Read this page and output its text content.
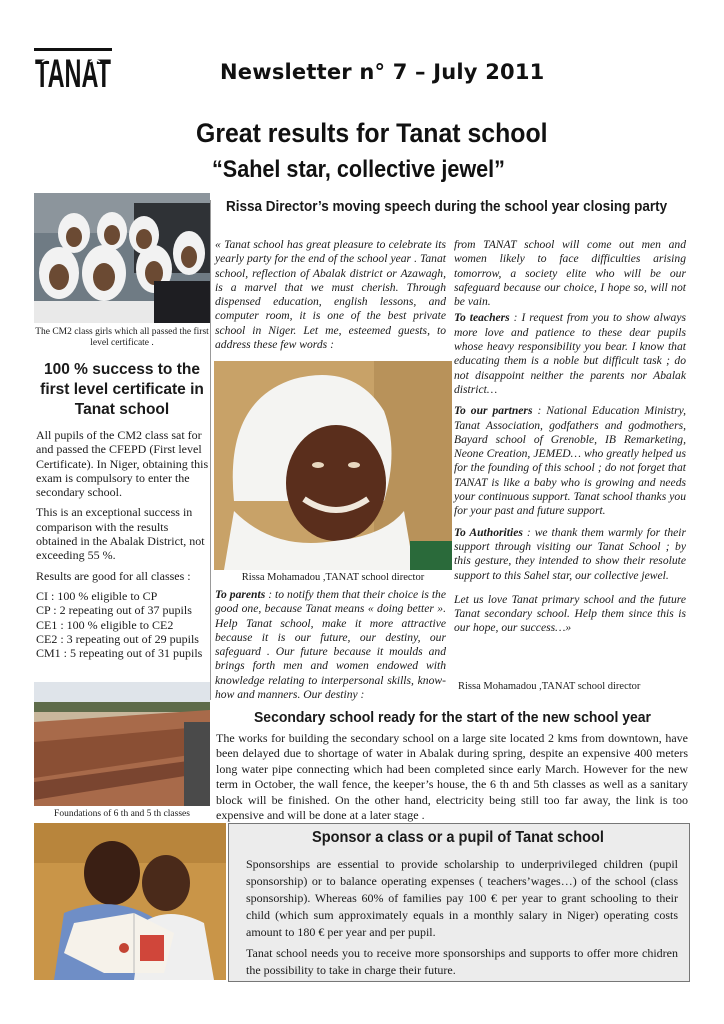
TANAT	Newsletter n° 7 – July 2011
Great results for Tanat school
“Sahel star, collective jewel”
Rissa Director’s moving speech during the school year closing party
The CM2 class girls which all passed the first level certificate .
100 % success to the first level certificate in Tanat school

All pupils of the CM2 class sat for and passed the CFEPD (First level Certificate). In Niger, obtaining this exam is compulsory to enter the secondary school.

This is an exceptional success in comparison with the results obtained in the Abalak District, not exceeding 55 %.

Results are good for all classes :

CI : 100 % eligible to CP
CP : 2 repeating out of 37 pupils
CE1 : 100 % eligible to CE2
CE2 : 3 repeating out of 29 pupils
CM1 : 5 repeating out of 31 pupils
Foundations of 6 th and 5 th classes

« Tanat school has great pleasure to celebrate its yearly party for the end of the school year . Tanat school, reflection of Abalak district or Azawagh, is a marvel that we must cherish. Through dispensed education, english lessons, and computer room, it is one of the best private school in Niger. Let me, esteemed guests, to address these few words :

Rissa Mohamadou ,TANAT school director

To parents : to notify them that their choice is the good one, because Tanat means « doing better ». Help Tanat school, make it more attractive because it is our future, our destiny, our safeguard . Our future because it moulds and brings forth men and women endowed with knowledge relating to interpersonal skills, know-how and manners. Our destiny :

from TANAT school will come out men and women likely to face difficulties arising tomorrow, a society elite who will be our safeguard because our choice, I hope so, will not be vain.

To teachers : I request from you to show always more love and patience to these dear pupils whose heavy responsibility you bear. I know that educating them is a noble but difficult task ; do not disappoint neither the parents nor Abalak district…

To our partners : National Education Ministry, Tanat Association, godfathers and godmothers, Bayard school of Grenoble, IB Remarketing, Neone Creation, JEMED… who greatly helped us for the founding of this school ; do not forget that TANAT is like a baby who is growing and needs your continuous support. Tanat school thanks you for your past and future support.

To Authorities : we thank them warmly for their support through visiting our Tanat School ; by this gesture, they intended to show their resolute support to this Sahel star, our collective jewel.

Let us love Tanat primary school and the future Tanat secondary school. Help them since this is our hope, our success…»

Rissa Mohamadou ,TANAT school director
Secondary school ready for the start of the new school year
The works for building the secondary school on a large site located 2 kms from downtown, have been delayed due to shortage of water in Abalak during spring, despite an expensive 400 meters long water pipe connecting which had been completed since early March. However for the new term in October, the wall fence, the keeper’s house, the 6 th and 5th classes as well as a sanitary block will be finished. On the other hand, electricity being still too far away, the link is too expensive and will be done at a later stage .
Sponsor a class or a pupil of Tanat school

Sponsorships are essential to provide scholarship to underprivileged children (pupil sponsorship) or to balance operating expenses ( teachers’wages…) of the school (class sponsorship). Whereas 60% of families pay 100 € per year to grant schooling to their child (which sum approximately equals in a monthly salary in Niger) operating costs amount to 180 € per year and per pupil.

Tanat school needs you to receive more sponsorships and supports to offer more chidren the possibility to take in charge their future.
